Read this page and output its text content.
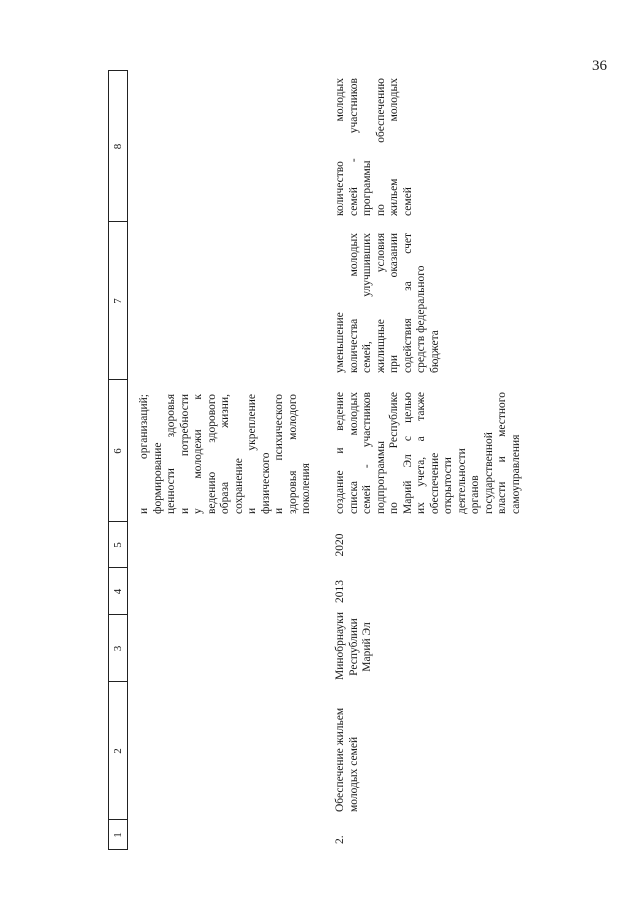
36
1
2
3
4
5
6
7
8
и организаций; формирование ценности здоровья и потребности у молодежи к ведению здорового образа жизни, сохранение и укрепление физического и психического здоровья молодого поколения
2.
Обеспечение жильем молодых семей
Минобрнауки Республики Марий Эл
2013
2020
создание и ведение списка молодых семей - участников подпрограммы по Республике Марий Эл с целью их учета, а также обеспечение открытости деятельности органов государственной власти и местного самоуправления
уменьшение количества молодых семей, улучшивших жилищные условия при оказании содействия за счет средств федерального бюджета
количество молодых семей - участников программы по обеспечению жильем молодых семей
